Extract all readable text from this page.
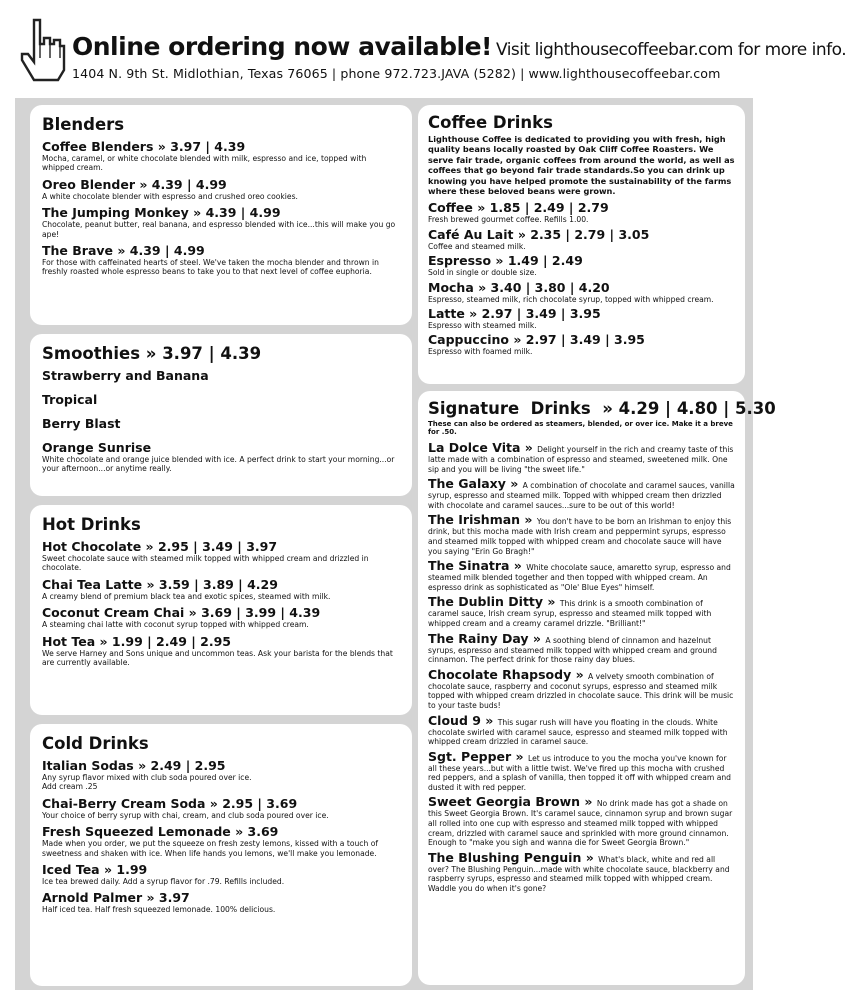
Online ordering now available! Visit lighthousecoffeebar.com for more info.
1404 N. 9th St. Midlothian, Texas 76065 | phone 972.723.JAVA (5282) | www.lighthousecoffeebar.com
Blenders
Coffee Blenders » 3.97 | 4.39
Mocha, caramel, or white chocolate blended with milk, espresso and ice, topped with whipped cream.
Oreo Blender » 4.39 | 4.99
A white chocolate blender with espresso and crushed oreo cookies.
The Jumping Monkey » 4.39 | 4.99
Chocolate, peanut butter, real banana, and espresso blended with ice...this will make you go ape!
The Brave » 4.39 | 4.99
For those with caffeinated hearts of steel. We've taken the mocha blender and thrown in freshly roasted whole espresso beans to take you to that next level of coffee euphoria.
Smoothies » 3.97 | 4.39
Strawberry and Banana
Tropical
Berry Blast
Orange Sunrise
White chocolate and orange juice blended with ice. A perfect drink to start your morning...or your afternoon...or anytime really.
Hot Drinks
Hot Chocolate » 2.95 | 3.49 | 3.97
Sweet chocolate sauce with steamed milk topped with whipped cream and drizzled in chocolate.
Chai Tea Latte » 3.59 | 3.89 | 4.29
A creamy blend of premium black tea and exotic spices, steamed with milk.
Coconut Cream Chai » 3.69 | 3.99 | 4.39
A steaming chai latte with coconut syrup topped with whipped cream.
Hot Tea » 1.99 | 2.49 | 2.95
We serve Harney and Sons unique and uncommon teas. Ask your barista for the blends that are currently available.
Cold Drinks
Italian Sodas » 2.49 | 2.95
Any syrup flavor mixed with club soda poured over ice.
Add cream .25
Chai-Berry Cream Soda » 2.95 | 3.69
Your choice of berry syrup with chai, cream, and club soda poured over ice.
Fresh Squeezed Lemonade » 3.69
Made when you order, we put the squeeze on fresh zesty lemons, kissed with a touch of sweetness and shaken with ice. When life hands you lemons, we'll make you lemonade.
Iced Tea » 1.99
Ice tea brewed daily. Add a syrup flavor for .79. Refills included.
Arnold Palmer » 3.97
Half iced tea. Half fresh squeezed lemonade. 100% delicious.
Coffee Drinks
Lighthouse Coffee is dedicated to providing you with fresh, high quality beans locally roasted by Oak Cliff Coffee Roasters. We serve fair trade, organic coffees from around the world, as well as coffees that go beyond fair trade standards.So you can drink up knowing you have helped promote the sustainability of the farms where these beloved beans were grown.
Coffee » 1.85 | 2.49 | 2.79
Fresh brewed gourmet coffee. Refills 1.00.
Café Au Lait » 2.35 | 2.79 | 3.05
Coffee and steamed milk.
Espresso » 1.49 | 2.49
Sold in single or double size.
Mocha » 3.40 | 3.80 | 4.20
Espresso, steamed milk, rich chocolate syrup, topped with whipped cream.
Latte » 2.97 | 3.49 | 3.95
Espresso with steamed milk.
Cappuccino » 2.97 | 3.49 | 3.95
Espresso with foamed milk.
Signature  Drinks  » 4.29 | 4.80 | 5.30
These can also be ordered as steamers, blended, or over ice. Make it a breve for .50.
La Dolce Vita » Delight yourself in the rich and creamy taste of this latte made with a combination of espresso and steamed, sweetened milk. One sip and you will be living "the sweet life."
The Galaxy » A combination of chocolate and caramel sauces, vanilla syrup, espresso and steamed milk. Topped with whipped cream then drizzled with chocolate and caramel sauces...sure to be out of this world!
The Irishman » You don't have to be born an Irishman to enjoy this drink, but this mocha made with Irish cream and peppermint syrups, espresso and steamed milk topped with whipped cream and chocolate sauce will have you saying "Erin Go Bragh!"
The Sinatra » White chocolate sauce, amaretto syrup, espresso and steamed milk blended together and then topped with whipped cream. An espresso drink as sophisticated as "Ole' Blue Eyes" himself.
The Dublin Ditty » This drink is a smooth combination of caramel sauce, Irish cream syrup, espresso and steamed milk topped with whipped cream and a creamy caramel drizzle. "Brilliant!"
The Rainy Day » A soothing blend of cinnamon and hazelnut syrups, espresso and steamed milk topped with whipped cream and ground cinnamon. The perfect drink for those rainy day blues.
Chocolate Rhapsody » A velvety smooth combination of chocolate sauce, raspberry and coconut syrups, espresso and steamed milk topped with whipped cream drizzled in chocolate sauce. This drink will be music to your taste buds!
Cloud 9 » This sugar rush will have you floating in the clouds. White chocolate swirled with caramel sauce, espresso and steamed milk topped with whipped cream drizzled in caramel sauce.
Sgt. Pepper » Let us introduce to you the mocha you've known for all these years...but with a little twist. We've fired up this mocha with crushed red peppers, and a splash of vanilla, then topped it off with whipped cream and dusted it with red pepper.
Sweet Georgia Brown » No drink made has got a shade on this Sweet Georgia Brown. It's caramel sauce, cinnamon syrup and brown sugar all rolled into one cup with espresso and steamed milk topped with whipped cream, drizzled with caramel sauce and sprinkled with more ground cinnamon. Enough to "make you sigh and wanna die for Sweet Georgia Brown."
The Blushing Penguin » What's black, white and red all over? The Blushing Penguin...made with white chocolate sauce, blackberry and raspberry syrups, espresso and steamed milk topped with whipped cream. Waddle you do when it's gone?
